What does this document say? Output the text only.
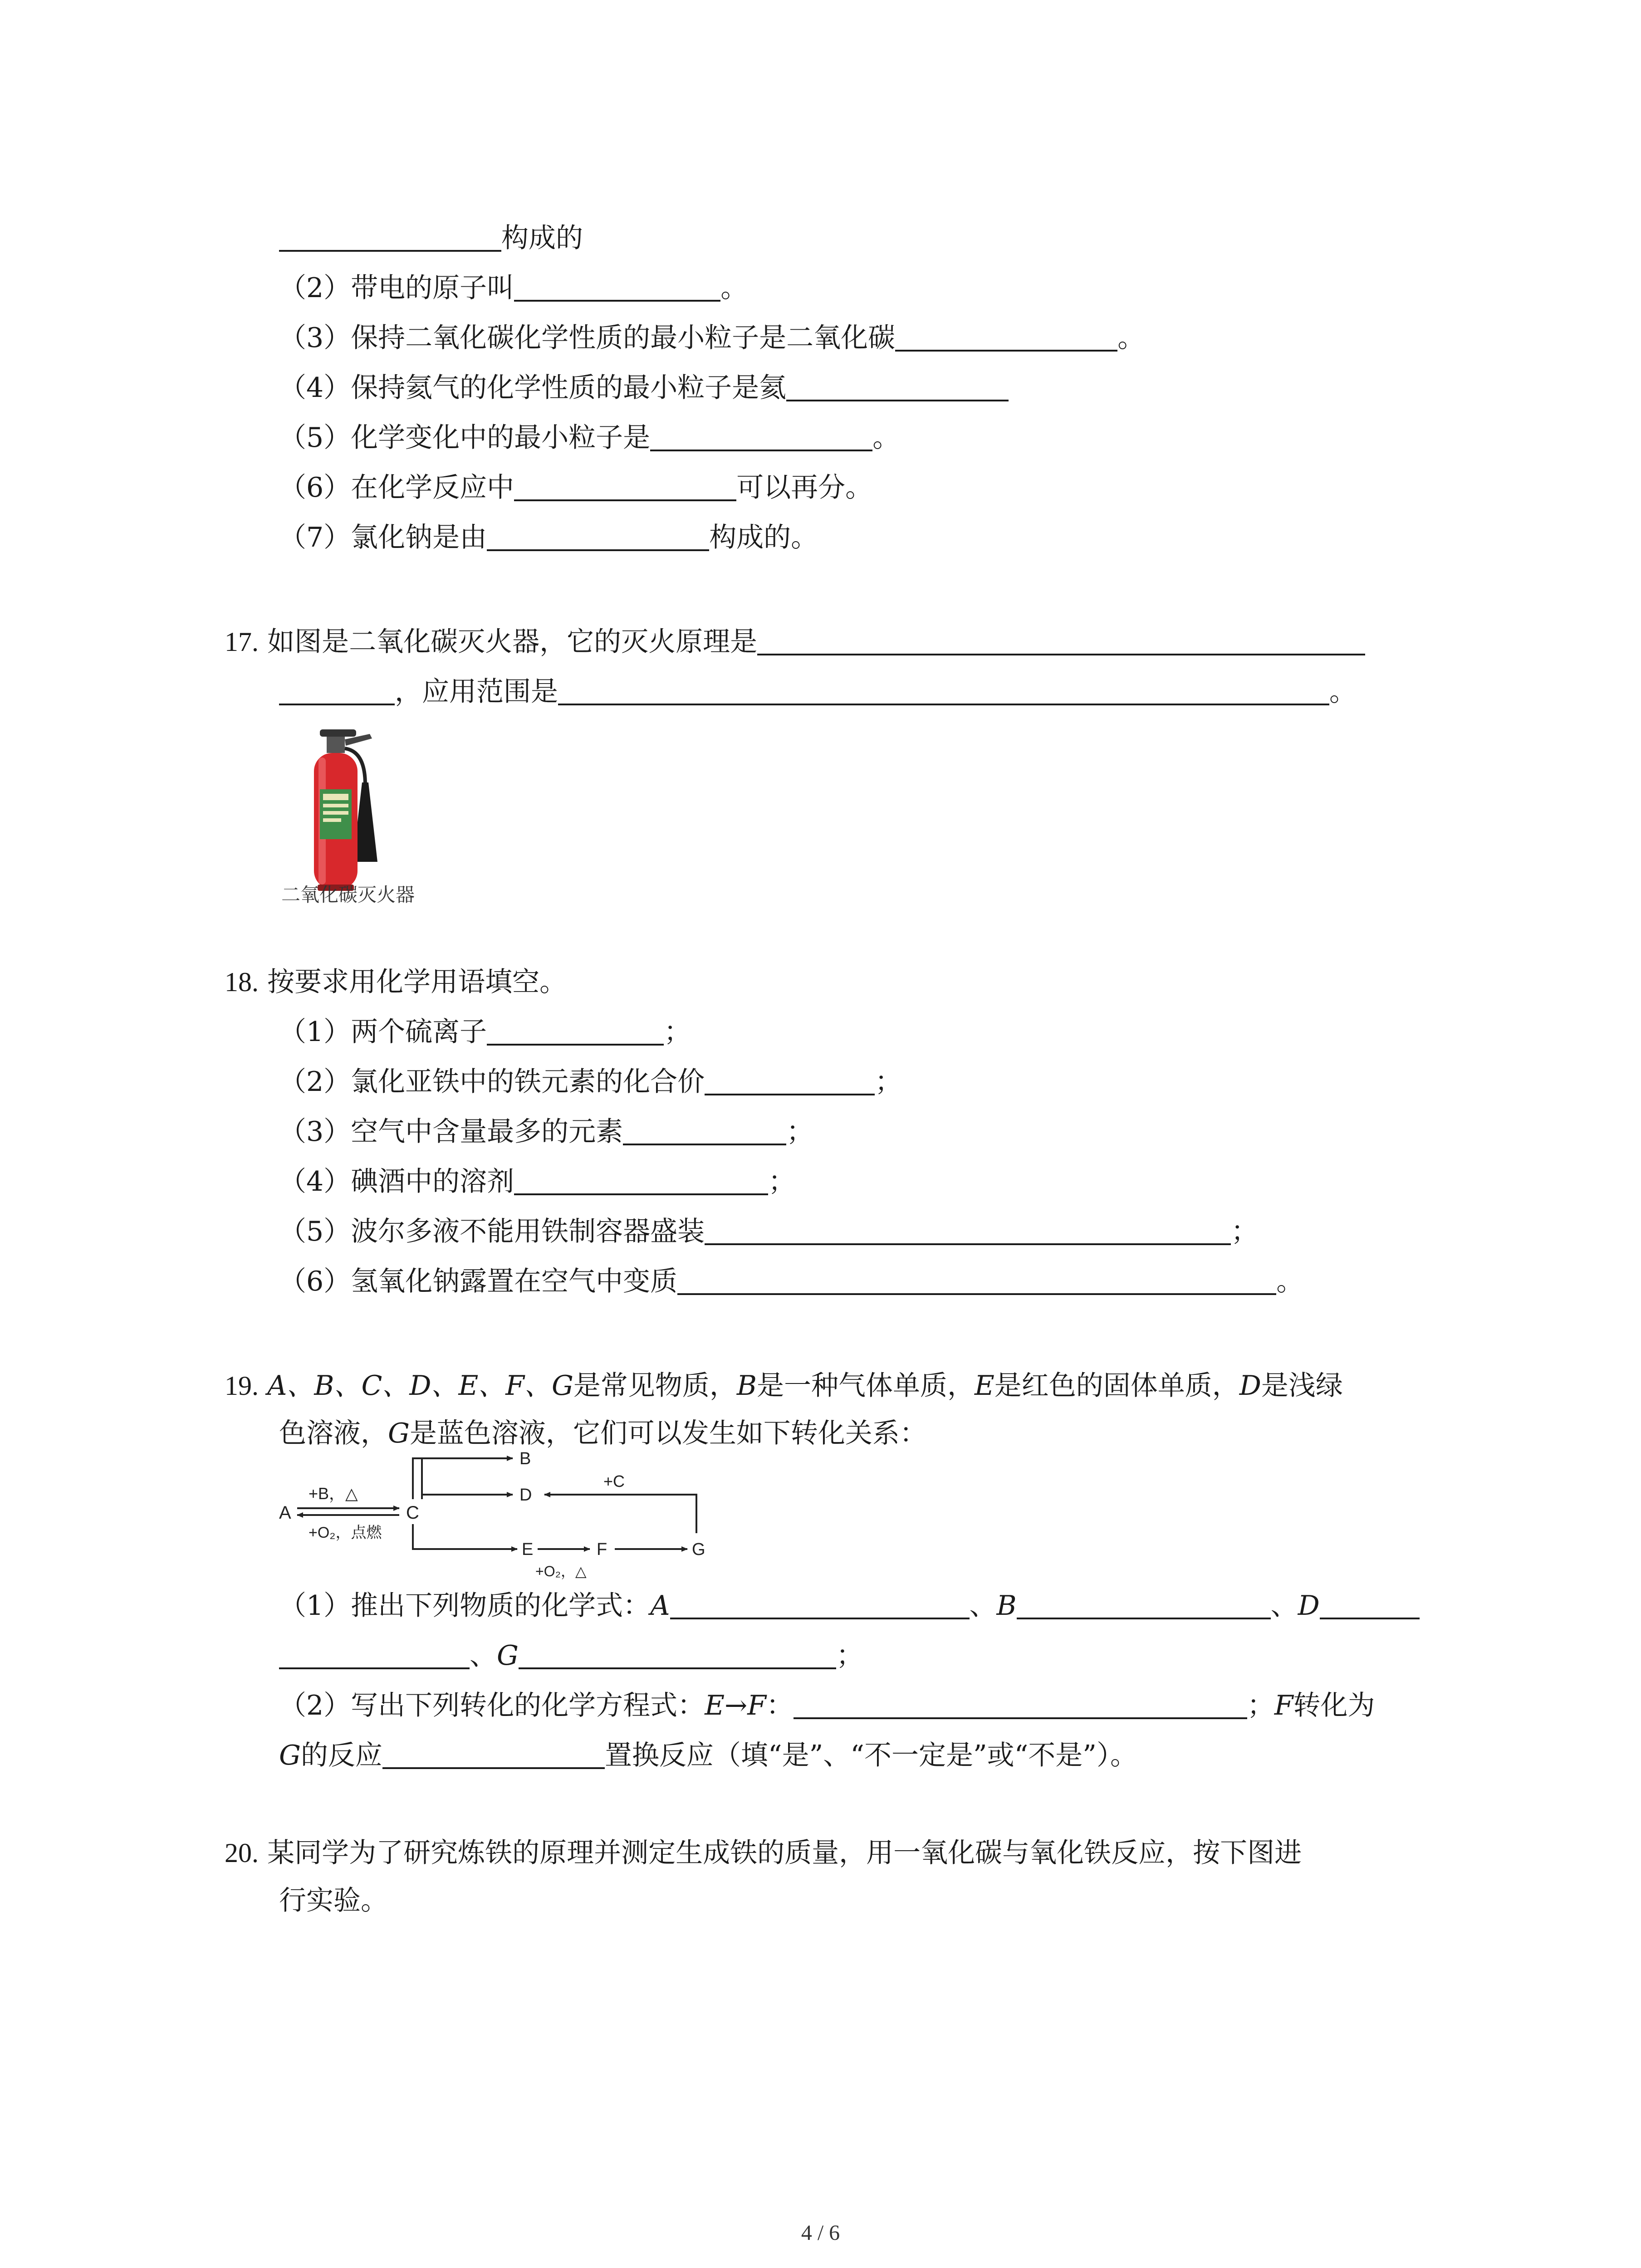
构成的
（2）带电的原子叫	。
（3）保持二氧化碳化学性质的最小粒子是二氧化碳	。
（4）保持氦气的化学性质的最小粒子是氦
（5）化学变化中的最小粒子是	。
（6）在化学反应中	可以再分。
（7）氯化钠是由	构成的。
17. 如图是二氧化碳灭火器，它的灭火原理是
，应用范围是	。
二氧化碳灭火器
18. 按要求用化学用语填空。
（1）两个硫离子	；
（2）氯化亚铁中的铁元素的化合价	；
（3）空气中含量最多的元素	；
（4）碘酒中的溶剂	；
（5）波尔多液不能用铁制容器盛装	；
（6）氢氧化钠露置在空气中变质	。
19. A、B、C、D、E、F、G是常见物质，B是一种气体单质，E是红色的固体单质，D是浅绿
色溶液，G是蓝色溶液，它们可以发生如下转化关系：
A
+B，△
+O₂，点燃
C
B
D
+C
E
+O₂，△
F	G
（1）推出下列物质的化学式：A	、B	、D
、G	；
（2）写出下列转化的化学方程式：E→F：	；F转化为
G的反应	置换反应（填“是”、“不一定是”或“不是”）。
20. 某同学为了研究炼铁的原理并测定生成铁的质量，用一氧化碳与氧化铁反应，按下图进
行实验。
4 / 6
